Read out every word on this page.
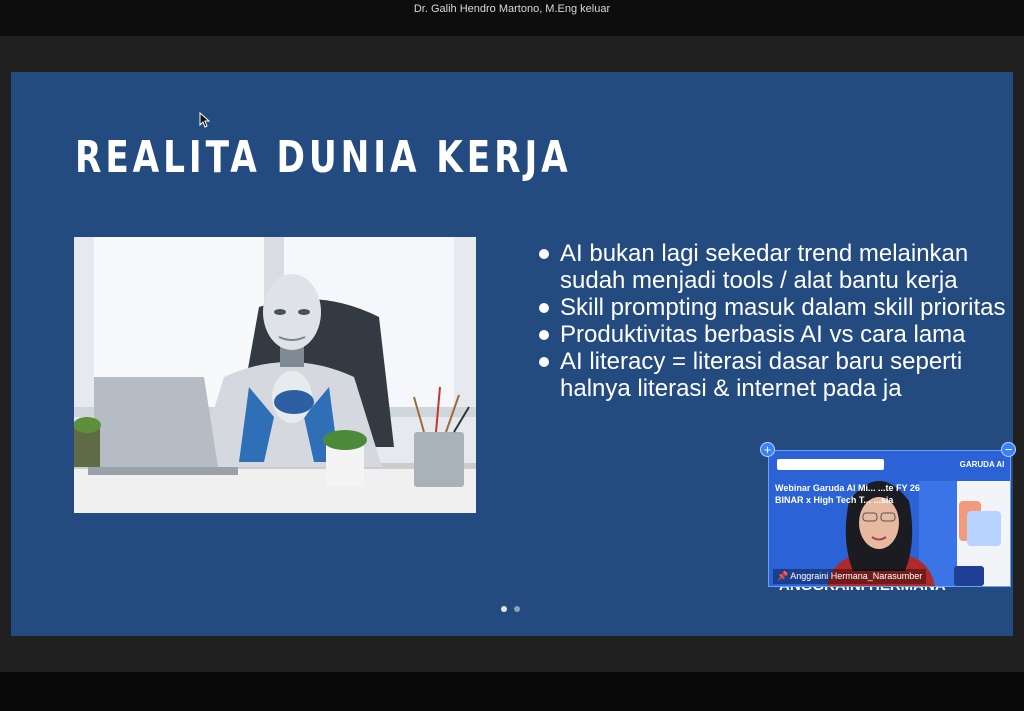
Dr. Galih Hendro Martono, M.Eng keluar
REALITA DUNIA KERJA
AI bukan lagi sekedar trend melainkan sudah menjadi tools / alat bantu kerja
Skill prompting masuk dalam skill prioritas
Produktivitas berbasis AI vs cara lama
AI literacy = literasi dasar baru seperti halnya literasi & internet pada ja
GARUDA AI
Webinar Garuda AI Mi... ...te FY 26
BINAR x High Tech T... ...sia
📌 Anggraini Hermana_Narasumber
+	−
